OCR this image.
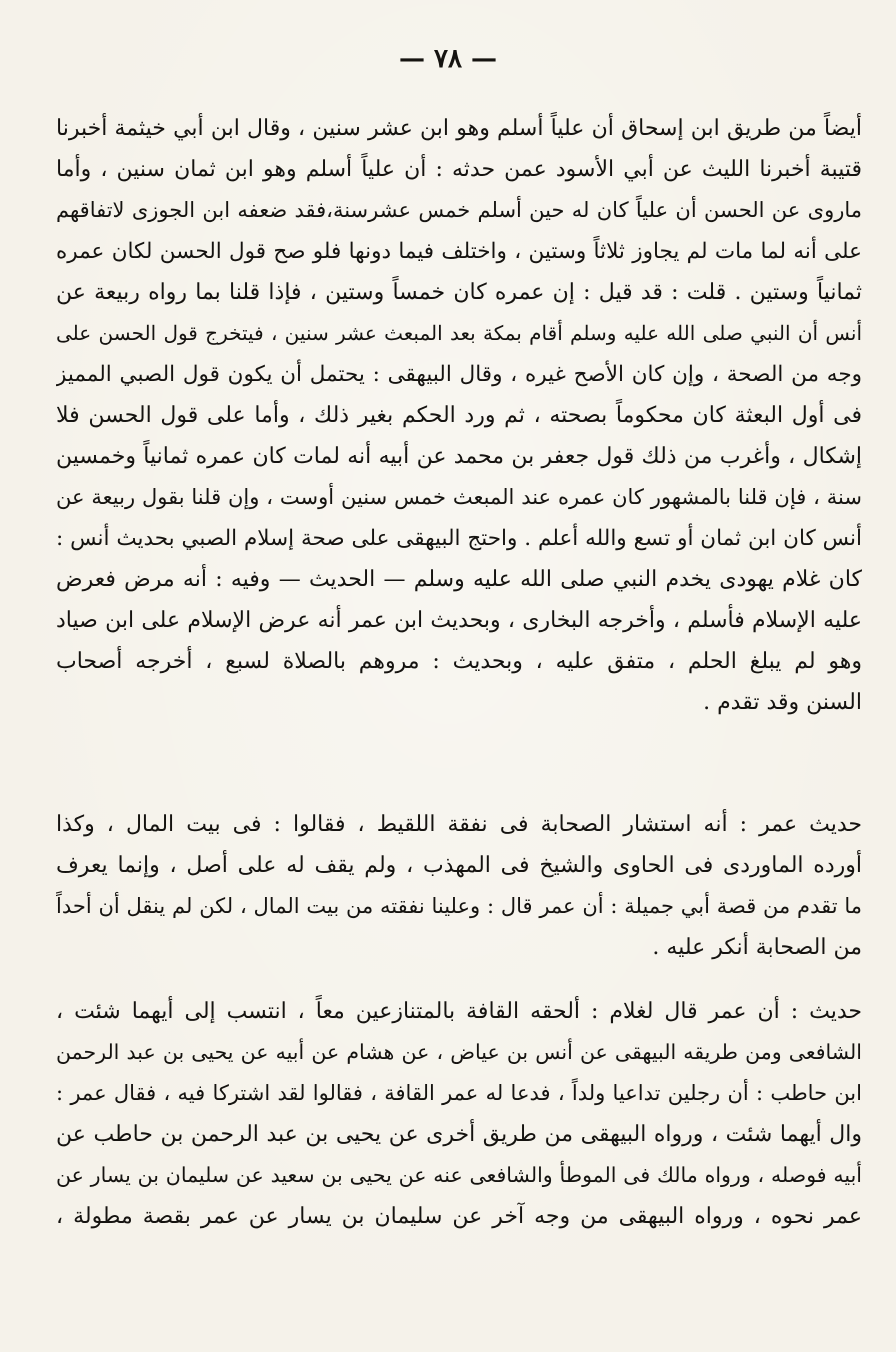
— ٧٨ —
أيضاً من طريق ابن إسحاق أن علياً أسلم وهو ابن عشر سنين ، وقال ابن أبي خيثمة أخبرنا
قتيبة أخبرنا الليث عن أبي الأسود عمن حدثه : أن علياً أسلم وهو ابن ثمان سنين ، وأما
ماروى عن الحسن أن علياً كان له حين أسلم خمس عشرسنة،فقد ضعفه ابن الجوزى لاتفاقهم
على أنه لما مات لم يجاوز ثلاثاً وستين ، واختلف فيما دونها فلو صح قول الحسن لكان عمره
ثمانياً وستين . قلت : قد قيل : إن عمره كان خمساً وستين ، فإذا قلنا بما رواه ربيعة عن
أنس أن النبي صلى الله عليه وسلم أقام بمكة بعد المبعث عشر سنين ، فيتخرج قول الحسن على
وجه من الصحة ، وإن كان الأصح غيره ، وقال البيهقى : يحتمل أن يكون قول الصبي المميز
فى أول البعثة كان محكوماً بصحته ، ثم ورد الحكم بغير ذلك ، وأما على قول الحسن فلا
إشكال ، وأغرب من ذلك قول جعفر بن محمد عن أبيه أنه لمات كان عمره ثمانياً وخمسين
سنة ، فإن قلنا بالمشهور كان عمره عند المبعث خمس سنين أوست ، وإن قلنا بقول ربيعة عن
أنس كان ابن ثمان أو تسع والله أعلم . واحتج البيهقى على صحة إسلام الصبي بحديث أنس :
كان غلام يهودى يخدم النبي صلى الله عليه وسلم — الحديث — وفيه : أنه مرض فعرض
عليه الإسلام فأسلم ، وأخرجه البخارى ، وبحديث ابن عمر أنه عرض الإسلام على ابن صياد
وهو لم يبلغ الحلم ، متفق عليه ، وبحديث : مروهم بالصلاة لسبع ، أخرجه أصحاب
السنن وقد تقدم .
حديث عمر : أنه استشار الصحابة فى نفقة اللقيط ، فقالوا : فى بيت المال ، وكذا
أورده الماوردى فى الحاوى والشيخ فى المهذب ، ولم يقف له على أصل ، وإنما يعرف
ما تقدم من قصة أبي جميلة : أن عمر قال : وعلينا نفقته من بيت المال ، لكن لم ينقل أن أحداً
من الصحابة أنكر عليه .
حديث : أن عمر قال لغلام : ألحقه القافة بالمتنازعين معاً ، انتسب إلى أيهما شئت ،
الشافعى ومن طريقه البيهقى عن أنس بن عياض ، عن هشام عن أبيه عن يحيى بن عبد الرحمن
ابن حاطب : أن رجلين تداعيا ولداً ، فدعا له عمر القافة ، فقالوا لقد اشتركا فيه ، فقال عمر :
وال أيهما شئت ، ورواه البيهقى من طريق أخرى عن يحيى بن عبد الرحمن بن حاطب عن
أبيه فوصله ، ورواه مالك فى الموطأ والشافعى عنه عن يحيى بن سعيد عن سليمان بن يسار عن
عمر نحوه ، ورواه البيهقى من وجه آخر عن سليمان بن يسار عن عمر بقصة مطولة ،
